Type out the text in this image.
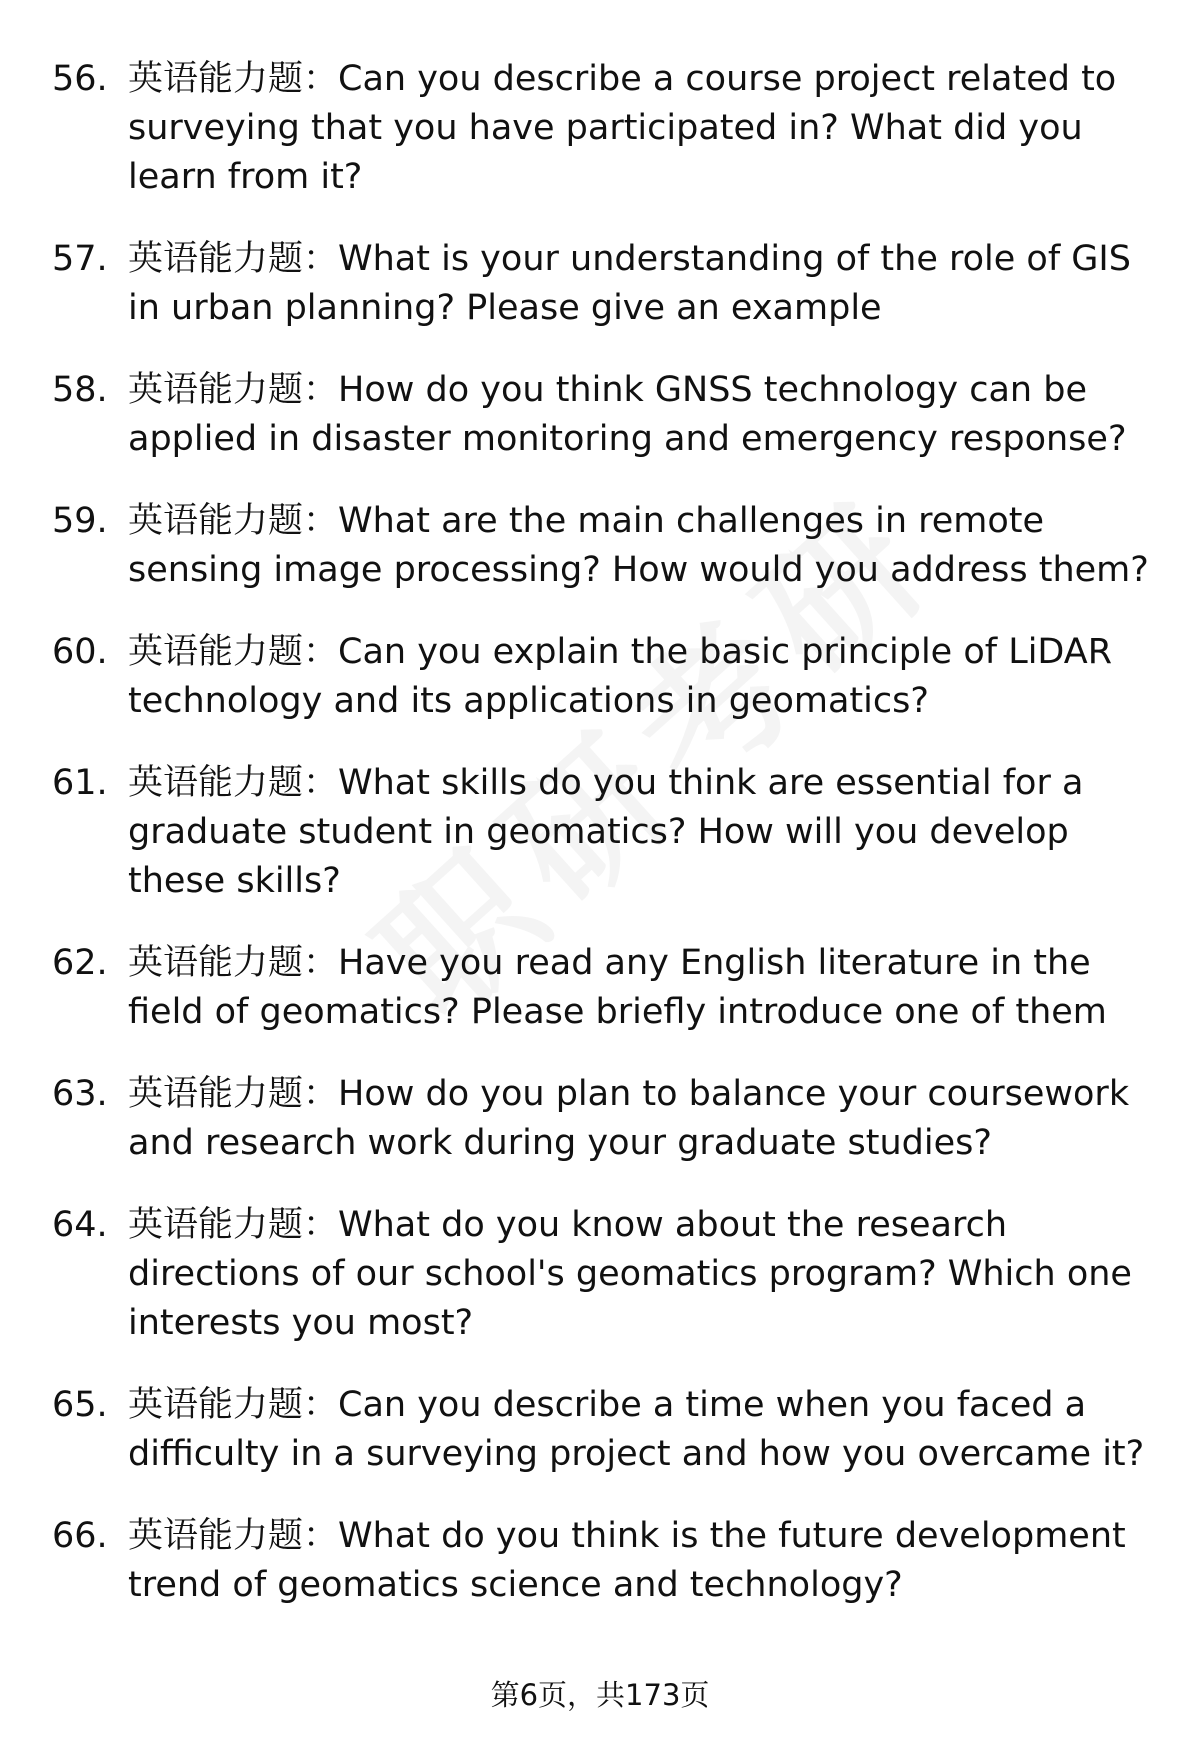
56. 英语能力题：Can you describe a course project related to surveying that you have participated in? What did you learn from it?
57. 英语能力题：What is your understanding of the role of GIS in urban planning? Please give an example
58. 英语能力题：How do you think GNSS technology can be applied in disaster monitoring and emergency response?
59. 英语能力题：What are the main challenges in remote sensing image processing? How would you address them?
60. 英语能力题：Can you explain the basic principle of LiDAR technology and its applications in geomatics?
61. 英语能力题：What skills do you think are essential for a graduate student in geomatics? How will you develop these skills?
62. 英语能力题：Have you read any English literature in the field of geomatics? Please briefly introduce one of them
63. 英语能力题：How do you plan to balance your coursework and research work during your graduate studies?
64. 英语能力题：What do you know about the research directions of our school's geomatics program? Which one interests you most?
65. 英语能力题：Can you describe a time when you faced a difficulty in a surveying project and how you overcame it?
66. 英语能力题：What do you think is the future development trend of geomatics science and technology?
第6页，共173页
